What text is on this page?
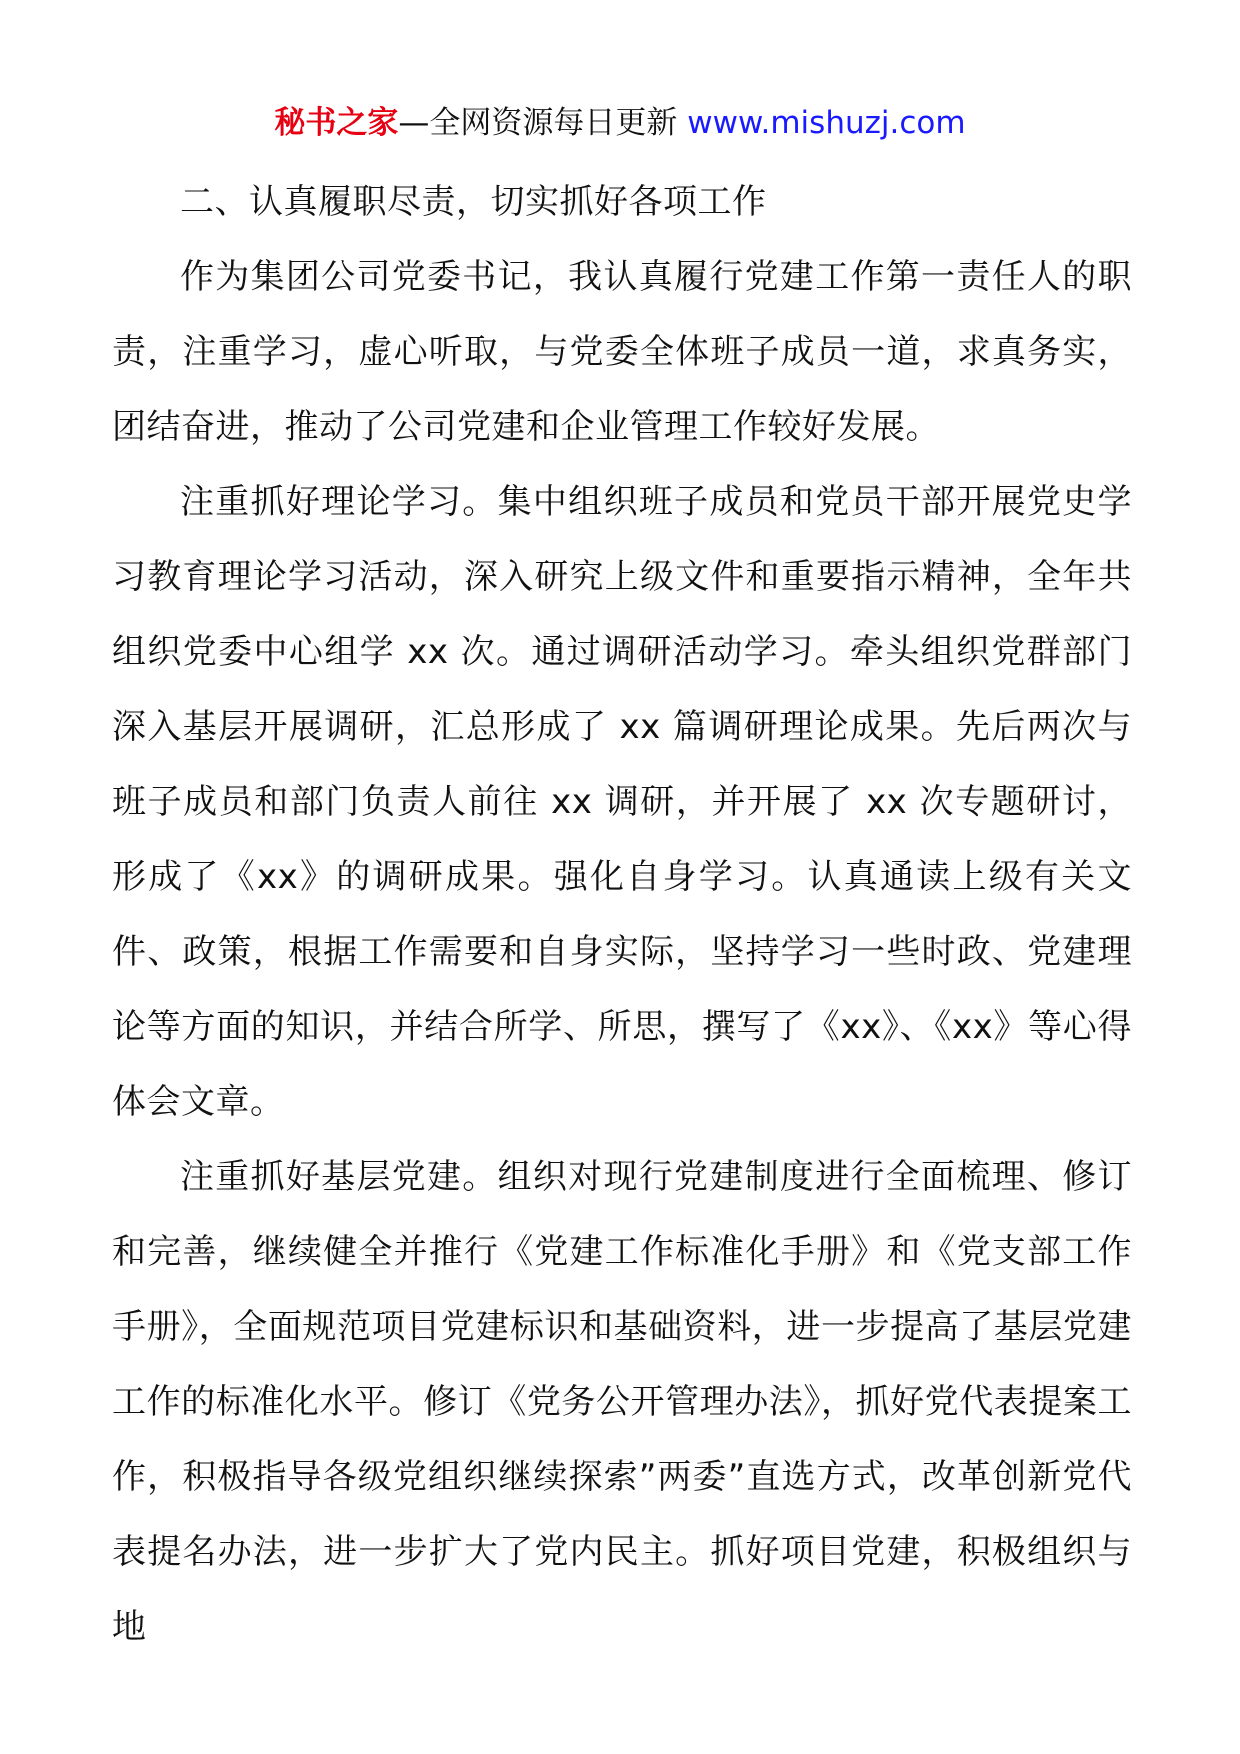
秘书之家—全网资源每日更新 www.mishuzj.com

二、认真履职尽责，切实抓好各项工作

作为集团公司党委书记，我认真履行党建工作第一责任人的职责，注重学习，虚心听取，与党委全体班子成员一道，求真务实，团结奋进，推动了公司党建和企业管理工作较好发展。

注重抓好理论学习。集中组织班子成员和党员干部开展党史学习教育理论学习活动，深入研究上级文件和重要指示精神，全年共组织党委中心组学 xx 次。通过调研活动学习。牵头组织党群部门深入基层开展调研，汇总形成了 xx 篇调研理论成果。先后两次与班子成员和部门负责人前往 xx 调研，并开展了 xx 次专题研讨，形成了《xx》的调研成果。强化自身学习。认真通读上级有关文件、政策，根据工作需要和自身实际，坚持学习一些时政、党建理论等方面的知识，并结合所学、所思，撰写了《xx》、《xx》等心得体会文章。

注重抓好基层党建。组织对现行党建制度进行全面梳理、修订和完善，继续健全并推行《党建工作标准化手册》和《党支部工作手册》，全面规范项目党建标识和基础资料，进一步提高了基层党建工作的标准化水平。修订《党务公开管理办法》，抓好党代表提案工作，积极指导各级党组织继续探索”两委”直选方式，改革创新党代表提名办法，进一步扩大了党内民主。抓好项目党建，积极组织与地
